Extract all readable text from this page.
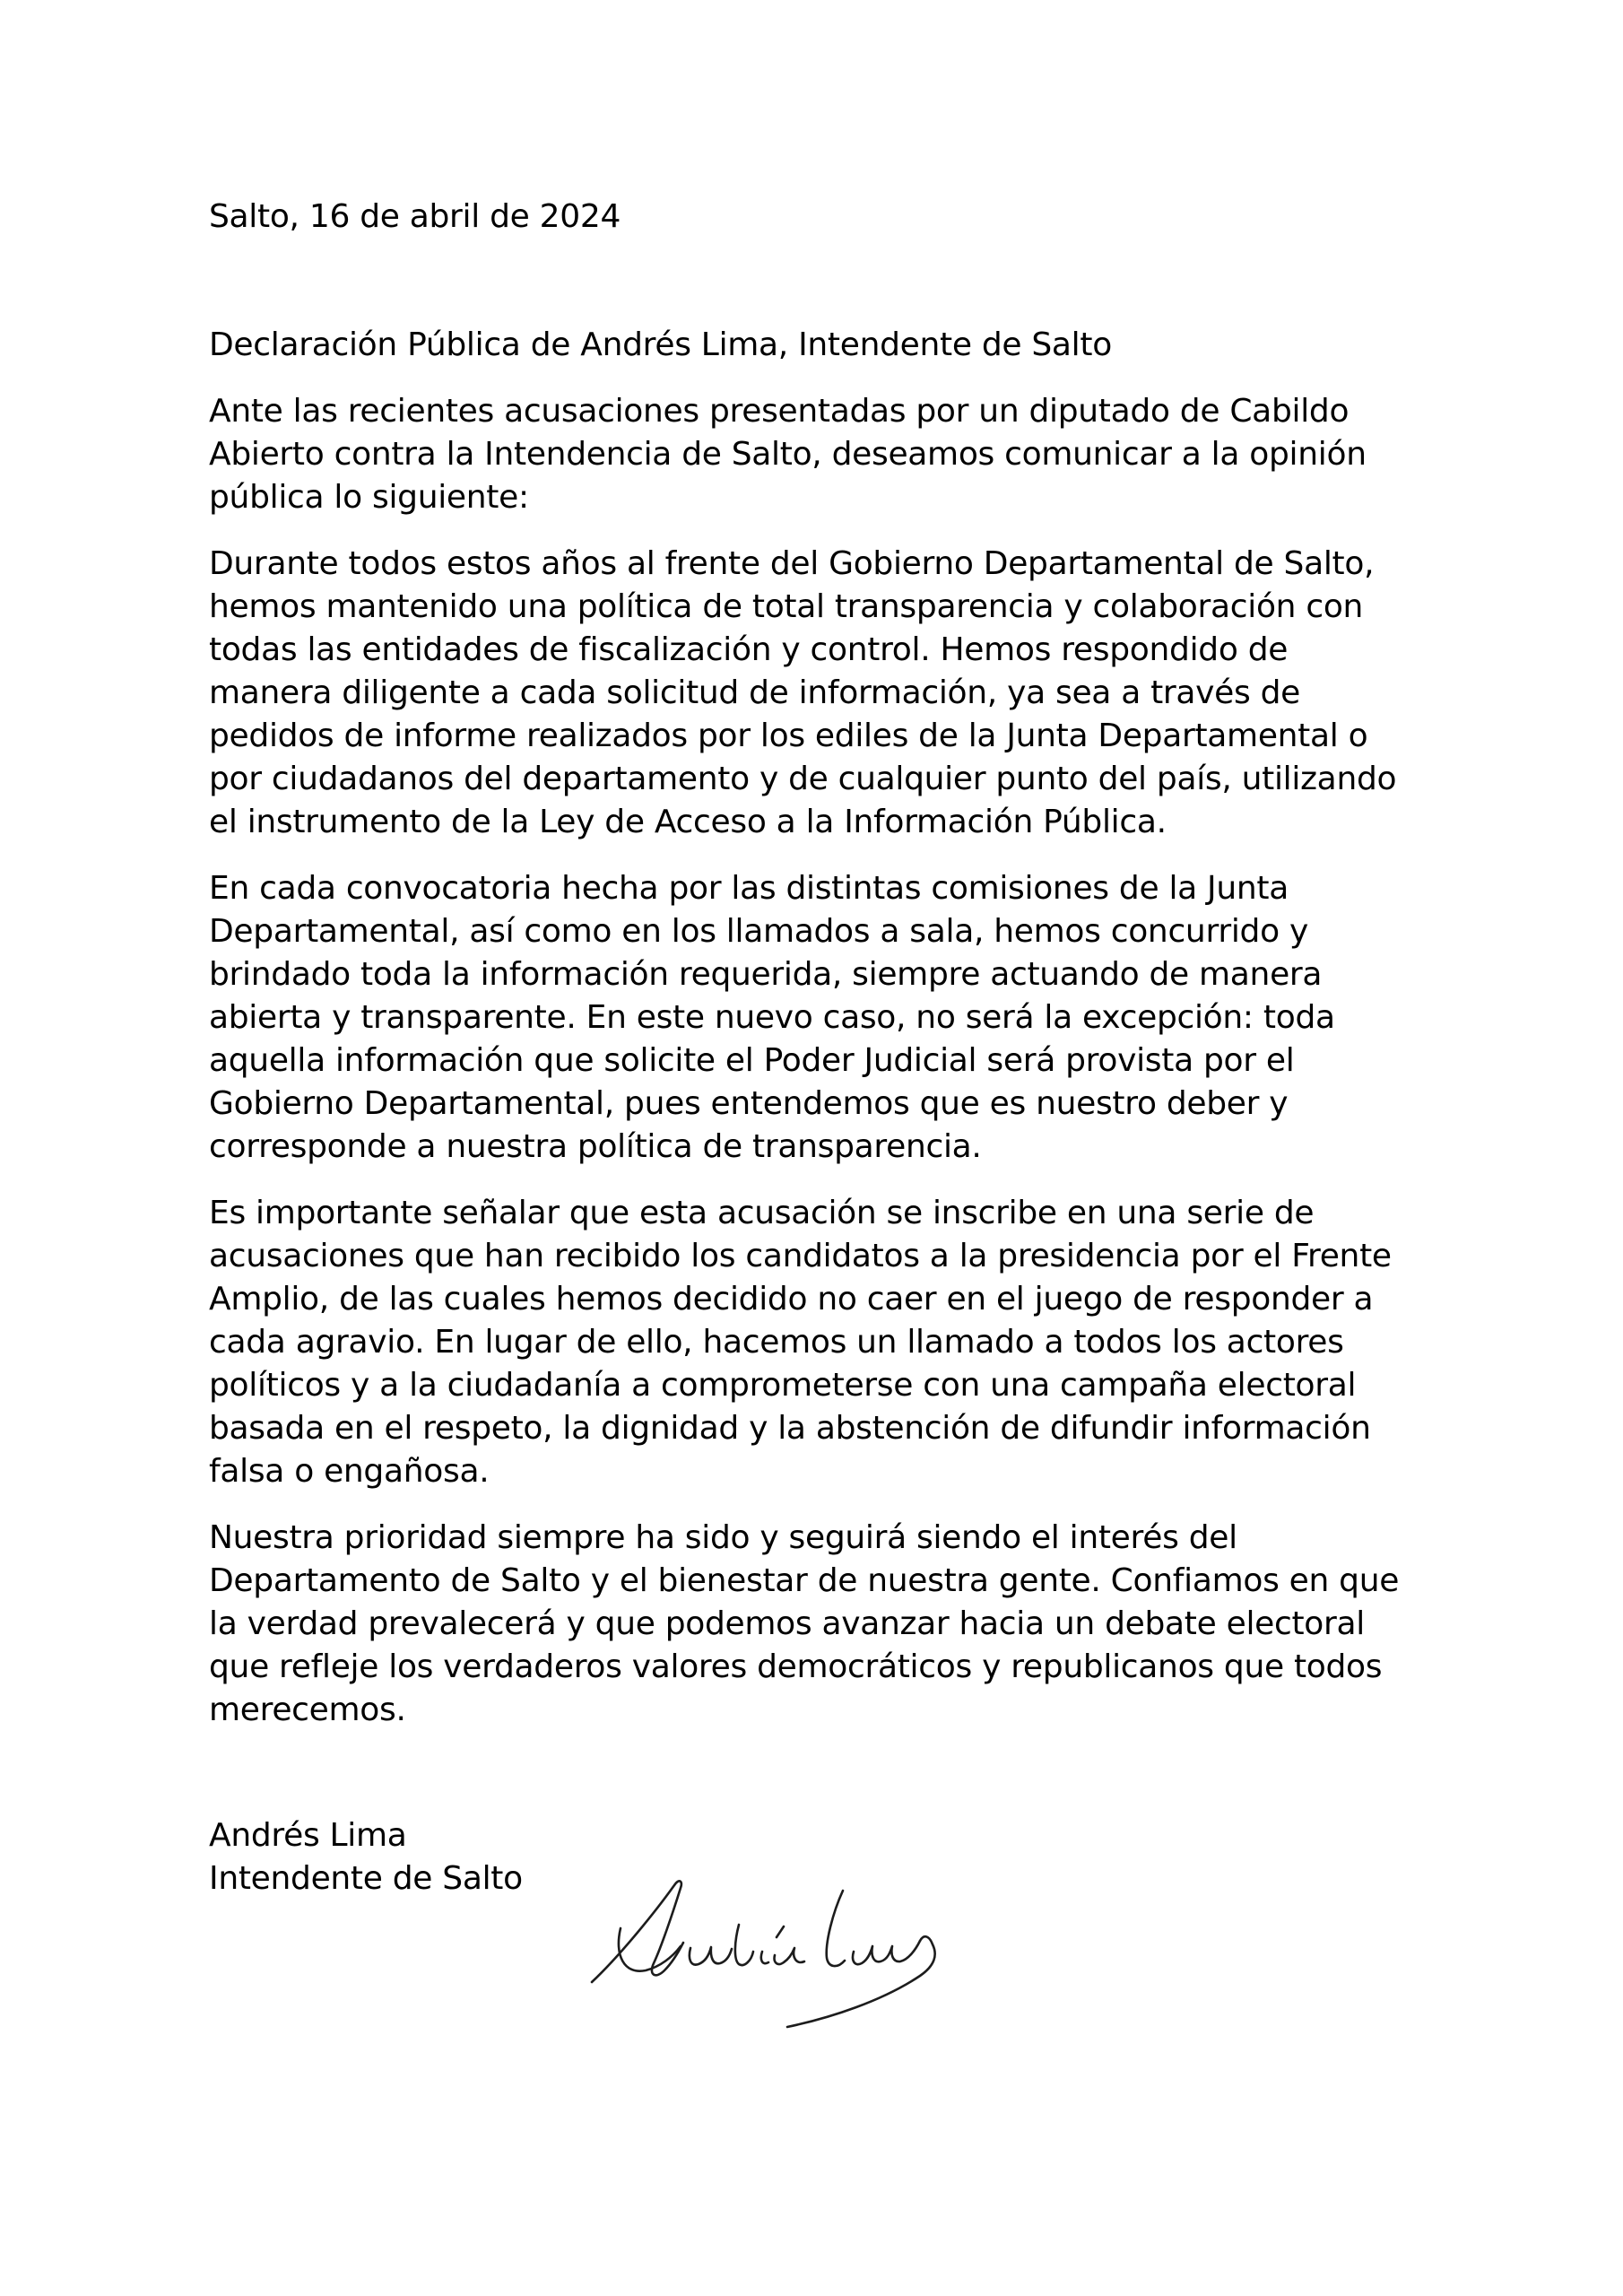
Salto, 16 de abril de 2024

Declaración Pública de Andrés Lima, Intendente de Salto

Ante las recientes acusaciones presentadas por un diputado de Cabildo Abierto contra la Intendencia de Salto, deseamos comunicar a la opinión pública lo siguiente:

Durante todos estos años al frente del Gobierno Departamental de Salto, hemos mantenido una política de total transparencia y colaboración con todas las entidades de fiscalización y control. Hemos respondido de manera diligente a cada solicitud de información, ya sea a través de pedidos de informe realizados por los ediles de la Junta Departamental o por ciudadanos del departamento y de cualquier punto del país, utilizando el instrumento de la Ley de Acceso a la Información Pública.

En cada convocatoria hecha por las distintas comisiones de la Junta Departamental, así como en los llamados a sala, hemos concurrido y brindado toda la información requerida, siempre actuando de manera abierta y transparente. En este nuevo caso, no será la excepción: toda aquella información que solicite el Poder Judicial será provista por el Gobierno Departamental, pues entendemos que es nuestro deber y corresponde a nuestra política de transparencia.

Es importante señalar que esta acusación se inscribe en una serie de acusaciones que han recibido los candidatos a la presidencia por el Frente Amplio, de las cuales hemos decidido no caer en el juego de responder a cada agravio. En lugar de ello, hacemos un llamado a todos los actores políticos y a la ciudadanía a comprometerse con una campaña electoral basada en el respeto, la dignidad y la abstención de difundir información falsa o engañosa.

Nuestra prioridad siempre ha sido y seguirá siendo el interés del Departamento de Salto y el bienestar de nuestra gente. Confiamos en que la verdad prevalecerá y que podemos avanzar hacia un debate electoral que refleje los verdaderos valores democráticos y republicanos que todos merecemos.

Andrés Lima
Intendente de Salto
